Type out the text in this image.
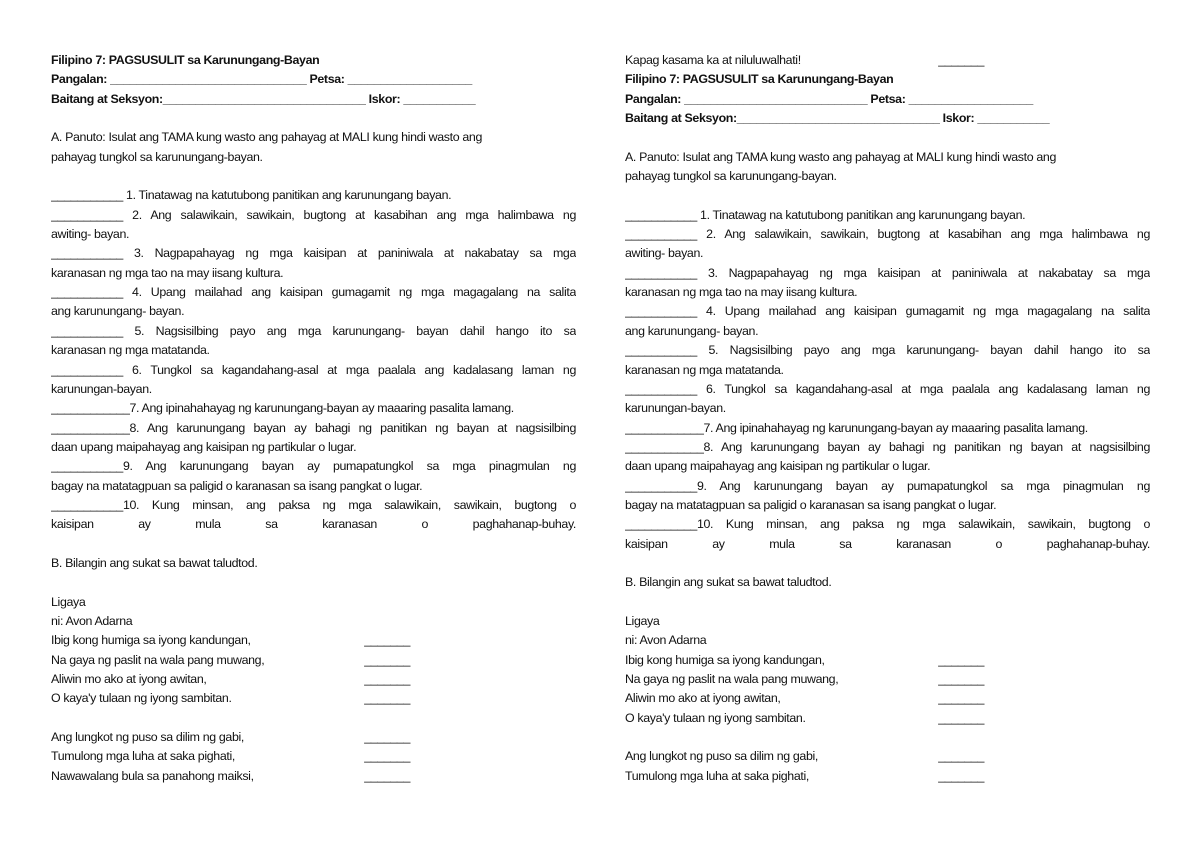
Filipino 7: PAGSUSULIT sa Karunungang-Bayan
Pangalan: ______________________________ Petsa: ___________________
Baitang at Seksyon:_______________________________ Iskor: ___________
A. Panuto: Isulat ang TAMA kung wasto ang pahayag at MALI kung hindi wasto ang
pahayag tungkol sa karunungang-bayan.
___________ 1. Tinatawag na katutubong panitikan ang karunungang bayan.
___________ 2. Ang salawikain, sawikain, bugtong at kasabihan ang mga halimbawa ng
awiting- bayan.
___________ 3. Nagpapahayag ng mga kaisipan at paniniwala at nakabatay sa mga
karanasan ng mga tao na may iisang kultura.
___________ 4. Upang mailahad ang kaisipan gumagamit ng mga magagalang na salita
ang karunungang- bayan.
___________ 5. Nagsisilbing payo ang mga karunungang- bayan dahil hango ito sa
karanasan ng mga matatanda.
___________ 6. Tungkol sa kagandahang-asal at mga paalala ang kadalasang laman ng
karunungan-bayan.
____________7. Ang ipinahahayag ng karunungang-bayan ay maaaring pasalita lamang.
____________8. Ang karunungang bayan ay bahagi ng panitikan ng bayan at nagsisilbing
daan upang maipahayag ang kaisipan ng partikular o lugar.
___________9. Ang karunungang bayan ay pumapatungkol sa mga pinagmulan ng
bagay na matatagpuan sa paligid o karanasan sa isang pangkat o lugar.
___________10. Kung minsan, ang paksa ng mga salawikain, sawikain, bugtong o
kaisipan ay mula sa karanasan o paghahanap-buhay.
B. Bilangin ang sukat sa bawat taludtod.
Ligaya
ni: Avon Adarna
Ibig kong humiga sa iyong kandungan,	_______
Na gaya ng paslit na wala pang muwang,	_______
Aliwin mo ako at iyong awitan,	_______
O kaya'y tulaan ng iyong sambitan.	_______
Ang lungkot ng puso sa dilim ng gabi,	_______
Tumulong mga luha at saka pighati,	_______
Nawawalang bula sa panahong maiksi,	_______
Kapag kasama ka at niluluwalhati!	_______
Filipino 7: PAGSUSULIT sa Karunungang-Bayan
Pangalan: ____________________________ Petsa: ___________________
Baitang at Seksyon:_______________________________ Iskor: ___________
A. Panuto: Isulat ang TAMA kung wasto ang pahayag at MALI kung hindi wasto ang
pahayag tungkol sa karunungang-bayan.
___________ 1. Tinatawag na katutubong panitikan ang karunungang bayan.
___________ 2. Ang salawikain, sawikain, bugtong at kasabihan ang mga halimbawa ng
awiting- bayan.
___________ 3. Nagpapahayag ng mga kaisipan at paniniwala at nakabatay sa mga
karanasan ng mga tao na may iisang kultura.
___________ 4. Upang mailahad ang kaisipan gumagamit ng mga magagalang na salita
ang karunungang- bayan.
___________ 5. Nagsisilbing payo ang mga karunungang- bayan dahil hango ito sa
karanasan ng mga matatanda.
___________ 6. Tungkol sa kagandahang-asal at mga paalala ang kadalasang laman ng
karunungan-bayan.
____________7. Ang ipinahahayag ng karunungang-bayan ay maaaring pasalita lamang.
____________8. Ang karunungang bayan ay bahagi ng panitikan ng bayan at nagsisilbing
daan upang maipahayag ang kaisipan ng partikular o lugar.
___________9. Ang karunungang bayan ay pumapatungkol sa mga pinagmulan ng
bagay na matatagpuan sa paligid o karanasan sa isang pangkat o lugar.
___________10. Kung minsan, ang paksa ng mga salawikain, sawikain, bugtong o
kaisipan ay mula sa karanasan o paghahanap-buhay.
B. Bilangin ang sukat sa bawat taludtod.
Ligaya
ni: Avon Adarna
Ibig kong humiga sa iyong kandungan,	_______
Na gaya ng paslit na wala pang muwang,	_______
Aliwin mo ako at iyong awitan,	_______
O kaya'y tulaan ng iyong sambitan.	_______
Ang lungkot ng puso sa dilim ng gabi,	_______
Tumulong mga luha at saka pighati,	_______
